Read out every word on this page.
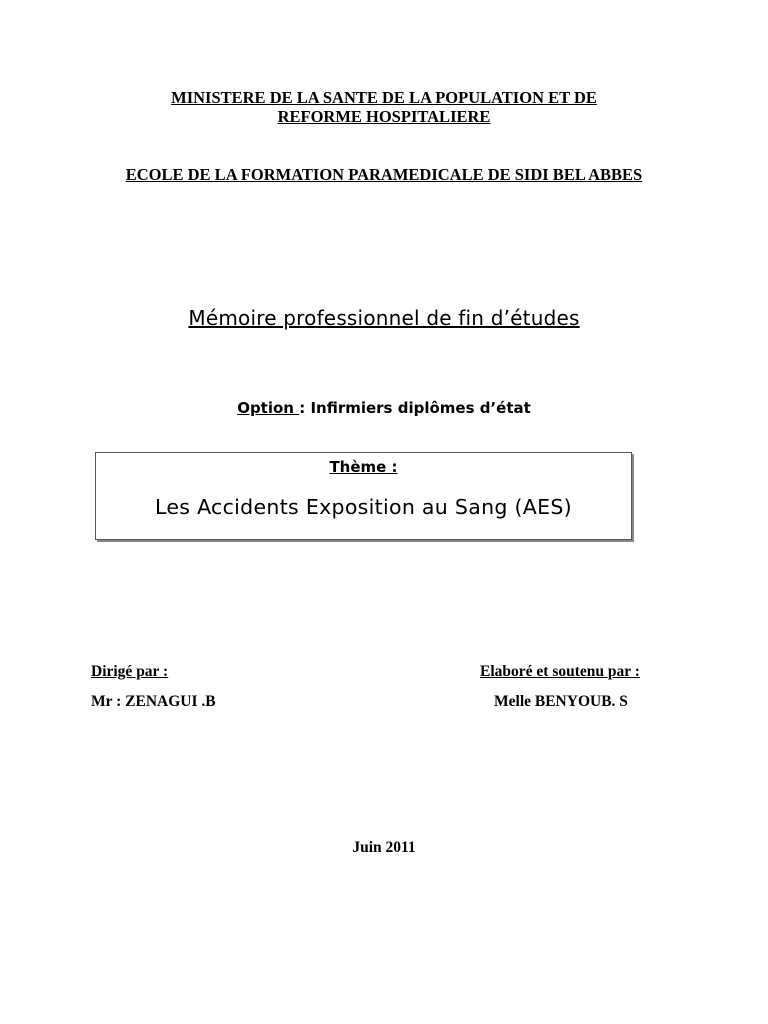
MINISTERE DE LA SANTE DE LA POPULATION ET DE
REFORME HOSPITALIERE
ECOLE DE LA FORMATION PARAMEDICALE DE SIDI BEL ABBES
Mémoire professionnel de fin d’études
Option : Infirmiers diplômes d’état
Thème :
Les Accidents Exposition au Sang (AES)
Dirigé par :	Elaboré et soutenu par :
Mr : ZENAGUI .B	Melle BENYOUB. S
Juin 2011
